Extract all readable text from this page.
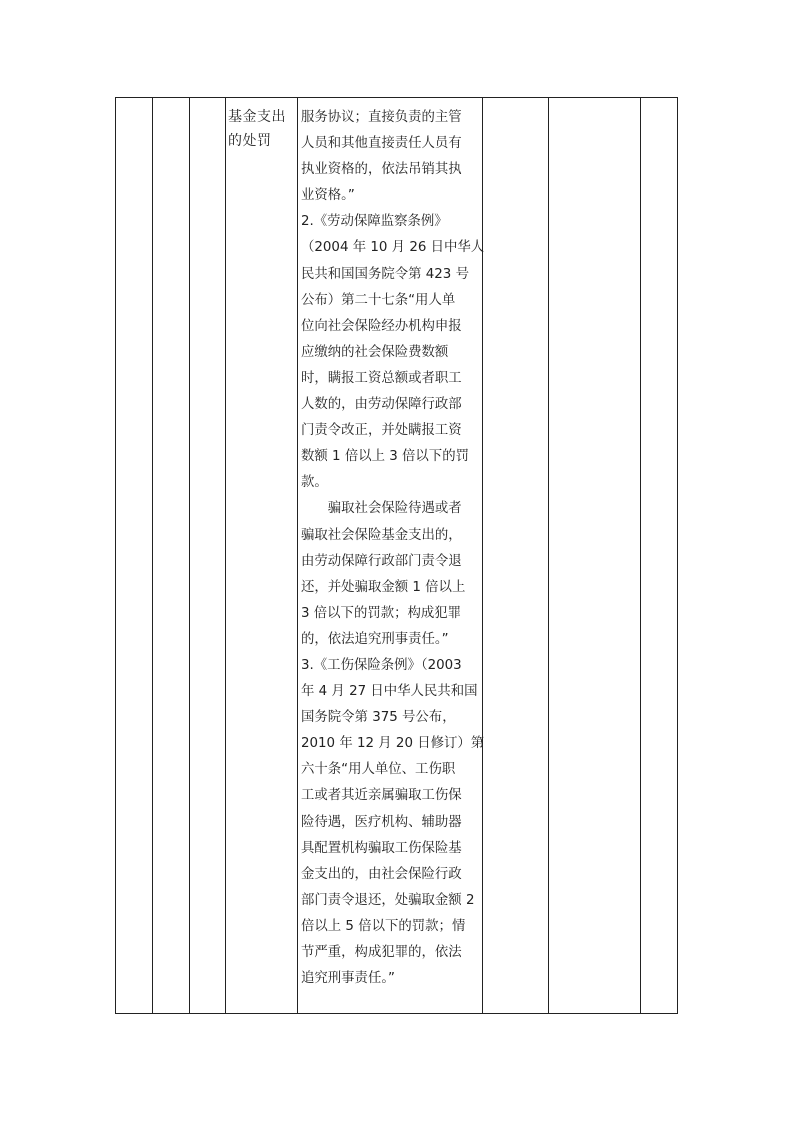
基金支出
的处罚

服务协议；直接负责的主管

人员和其他直接责任人员有

执业资格的，依法吊销其执

业资格。”

2.《劳动保障监察条例》

（2004 年 10 月 26 日中华人

民共和国国务院令第 423 号

公布）第二十七条“用人单

位向社会保险经办机构申报

应缴纳的社会保险费数额

时，瞒报工资总额或者职工

人数的，由劳动保障行政部

门责令改正，并处瞒报工资

数额 1 倍以上 3 倍以下的罚

款。

　　骗取社会保险待遇或者

骗取社会保险基金支出的，

由劳动保障行政部门责令退

还，并处骗取金额 1 倍以上

3 倍以下的罚款；构成犯罪

的，依法追究刑事责任。”

3.《工伤保险条例》（2003

年 4 月 27 日中华人民共和国

国务院令第 375 号公布，

2010 年 12 月 20 日修订）第

六十条“用人单位、工伤职

工或者其近亲属骗取工伤保

险待遇，医疗机构、辅助器

具配置机构骗取工伤保险基

金支出的，由社会保险行政

部门责令退还，处骗取金额 2

倍以上 5 倍以下的罚款；情

节严重，构成犯罪的，依法

追究刑事责任。”
